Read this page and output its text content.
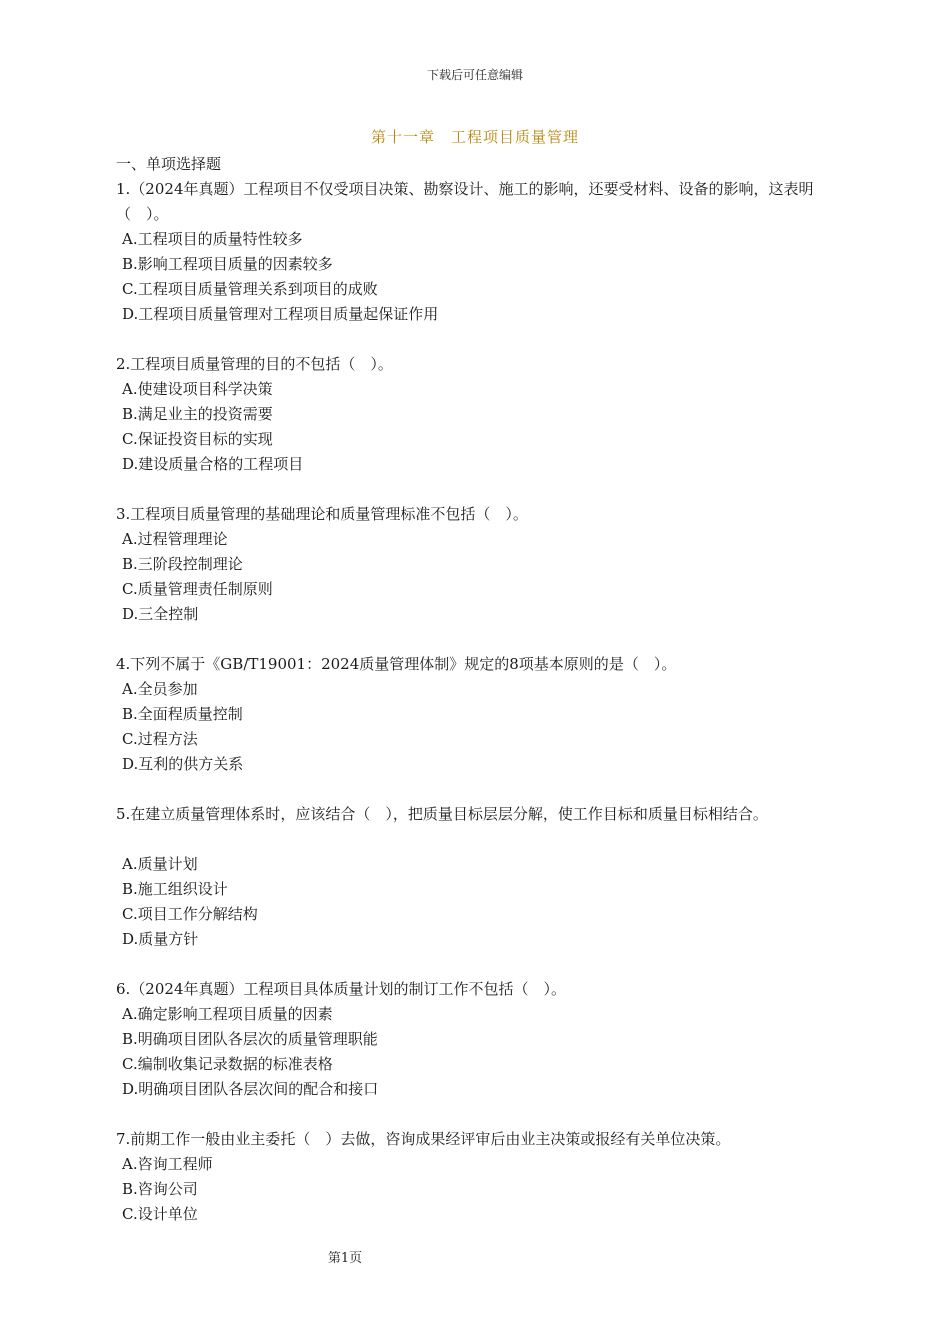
下载后可任意编辑
第十一章　工程项目质量管理

一、单项选择题

1.（2024年真题）工程项目不仅受项目决策、勘察设计、施工的影响，还要受材料、设备的影响，这表明（　）。

A.工程项目的质量特性较多

B.影响工程项目质量的因素较多

C.工程项目质量管理关系到项目的成败

D.工程项目质量管理对工程项目质量起保证作用

2.工程项目质量管理的目的不包括（　）。

A.使建设项目科学决策

B.满足业主的投资需要

C.保证投资目标的实现

D.建设质量合格的工程项目

3.工程项目质量管理的基础理论和质量管理标准不包括（　）。

A.过程管理理论

B.三阶段控制理论

C.质量管理责任制原则

D.三全控制

4.下列不属于《GB/T19001：2024质量管理体制》规定的8项基本原则的是（　）。

A.全员参加

B.全面程质量控制

C.过程方法

D.互利的供方关系

5.在建立质量管理体系时，应该结合（　），把质量目标层层分解，使工作目标和质量目标相结合。

A.质量计划

B.施工组织设计

C.项目工作分解结构

D.质量方针

6.（2024年真题）工程项目具体质量计划的制订工作不包括（　）。

A.确定影响工程项目质量的因素

B.明确项目团队各层次的质量管理职能

C.编制收集记录数据的标准表格

D.明确项目团队各层次间的配合和接口

7.前期工作一般由业主委托（　）去做，咨询成果经评审后由业主决策或报经有关单位决策。

A.咨询工程师

B.咨询公司

C.设计单位

第1页
